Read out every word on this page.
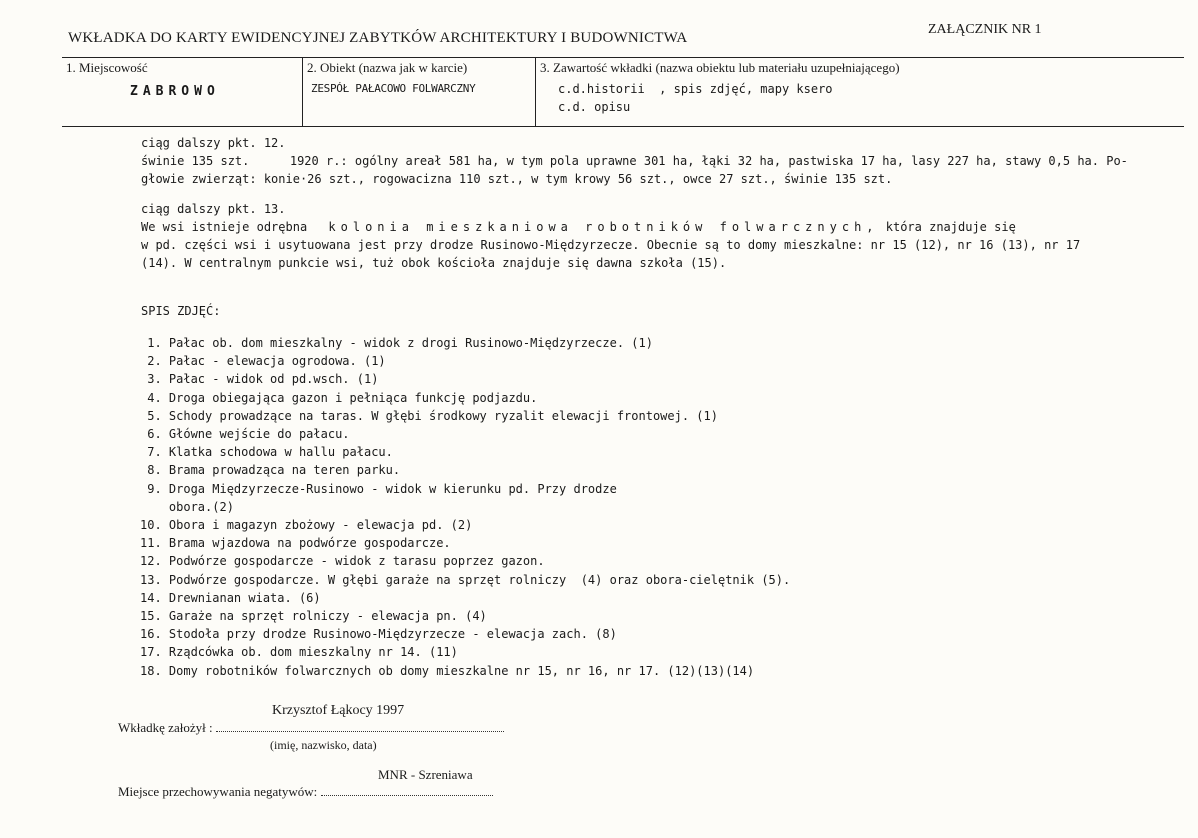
WKŁADKA DO KARTY EWIDENCYJNEJ ZABYTKÓW ARCHITEKTURY I BUDOWNICTWA
ZAŁĄCZNIK NR 1
1. Miejscowość
ZABROWO
2. Obiekt (nazwa jak w karcie)
ZESPÓŁ PAŁACOWO FOLWARCZNY
3. Zawartość wkładki (nazwa obiektu lub materiału uzupełniającego)
c.d.historii  , spis zdjęć, mapy ksero
c.d. opisu
ciąg dalszy pkt. 12.
świnie 135 szt.	1920 r.: ogólny areał 581 ha, w tym pola uprawne 301 ha, łąki 32 ha, pastwiska 17 ha, lasy 227 ha, stawy 0,5 ha. Po-
głowie zwierząt: konie·26 szt., rogowacizna 110 szt., w tym krowy 56 szt., owce 27 szt., świnie 135 szt.
ciąg dalszy pkt. 13.
We wsi istnieje odrębna kolonia mieszkaniowa robotników folwarcznych, która znajduje się
w pd. części wsi i usytuowana jest przy drodze Rusinowo-Międzyrzecze. Obecnie są to domy mieszkalne: nr 15 (12), nr 16 (13), nr 17
(14). W centralnym punkcie wsi, tuż obok kościoła znajduje się dawna szkoła (15).
SPIS ZDJĘĆ:
1. Pałac ob. dom mieszkalny - widok z drogi Rusinowo-Międzyrzecze. (1)
2. Pałac - elewacja ogrodowa. (1)
3. Pałac - widok od pd.wsch. (1)
4. Droga obiegająca gazon i pełniąca funkcję podjazdu.
5. Schody prowadzące na taras. W głębi środkowy ryzalit elewacji frontowej. (1)
6. Główne wejście do pałacu.
7. Klatka schodowa w hallu pałacu.
8. Brama prowadząca na teren parku.
9. Droga Międzyrzecze-Rusinowo - widok w kierunku pd. Przy drodze
obora.(2)
10. Obora i magazyn zbożowy - elewacja pd. (2)
11. Brama wjazdowa na podwórze gospodarcze.
12. Podwórze gospodarcze - widok z tarasu poprzez gazon.
13. Podwórze gospodarcze. W głębi garaże na sprzęt rolniczy  (4) oraz obora-cielętnik (5).
14. Drewnianan wiata. (6)
15. Garaże na sprzęt rolniczy - elewacja pn. (4)
16. Stodoła przy drodze Rusinowo-Międzyrzecze - elewacja zach. (8)
17. Rządcówka ob. dom mieszkalny nr 14. (11)
18. Domy robotników folwarcznych ob domy mieszkalne nr 15, nr 16, nr 17. (12)(13)(14)
Krzysztof Łąkocy 1997
Wkładkę założył :
(imię, nazwisko, data)
MNR - Szreniawa
Miejsce przechowywania negatywów:
